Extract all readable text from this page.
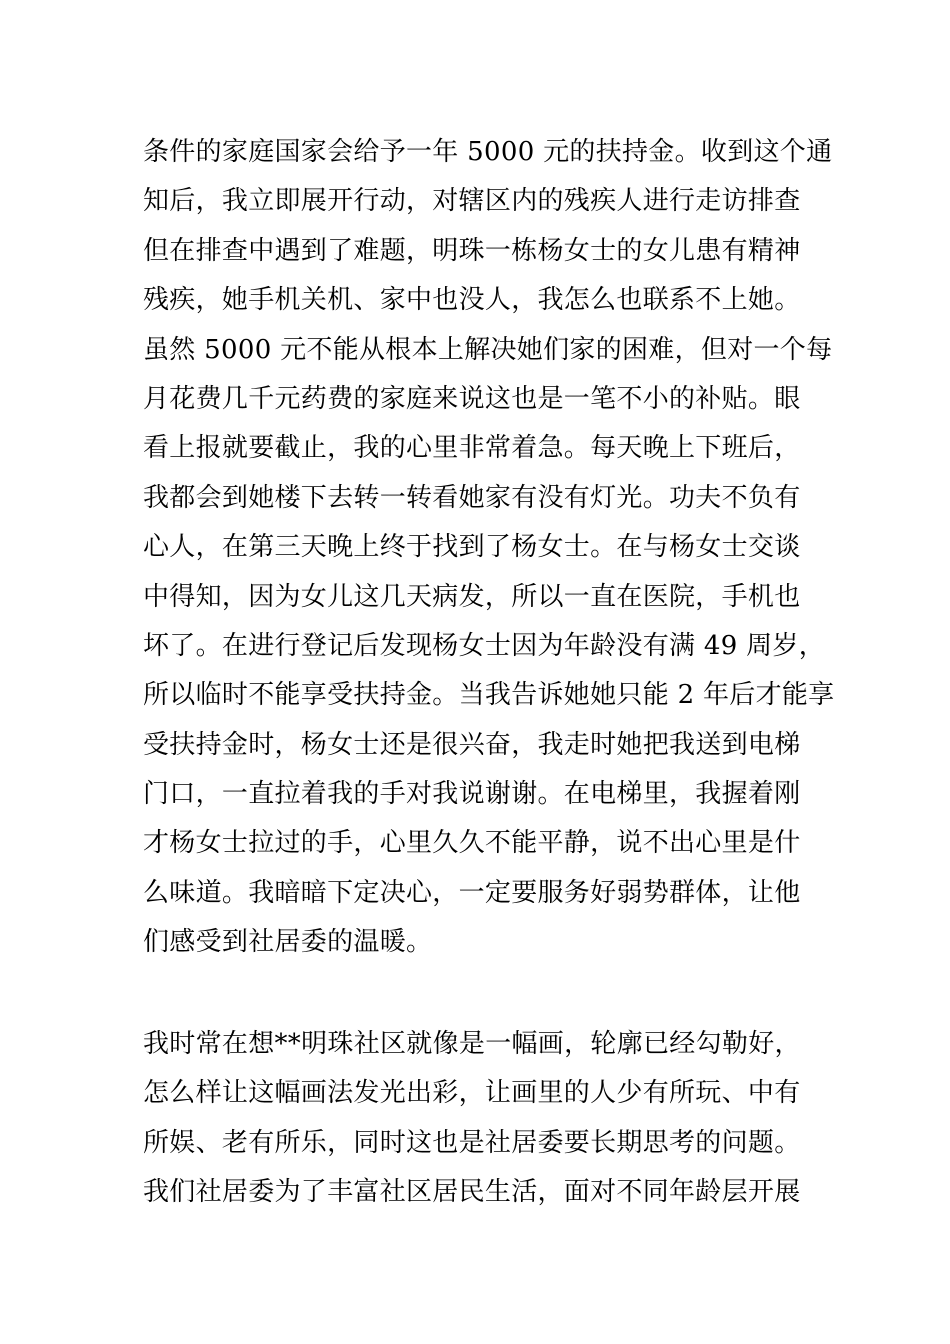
条件的家庭国家会给予一年 5000 元的扶持金。收到这个通
知后，我立即展开行动，对辖区内的残疾人进行走访排查
但在排查中遇到了难题，明珠一栋杨女士的女儿患有精神
残疾，她手机关机、家中也没人，我怎么也联系不上她。
虽然 5000 元不能从根本上解决她们家的困难，但对一个每
月花费几千元药费的家庭来说这也是一笔不小的补贴。眼
看上报就要截止，我的心里非常着急。每天晚上下班后，
我都会到她楼下去转一转看她家有没有灯光。功夫不负有
心人，在第三天晚上终于找到了杨女士。在与杨女士交谈
中得知，因为女儿这几天病发，所以一直在医院，手机也
坏了。在进行登记后发现杨女士因为年龄没有满 49 周岁，
所以临时不能享受扶持金。当我告诉她她只能 2 年后才能享
受扶持金时，杨女士还是很兴奋，我走时她把我送到电梯
门口，一直拉着我的手对我说谢谢。在电梯里，我握着刚
才杨女士拉过的手，心里久久不能平静，说不出心里是什
么味道。我暗暗下定决心，一定要服务好弱势群体，让他
们感受到社居委的温暖。
我时常在想**明珠社区就像是一幅画，轮廓已经勾勒好，
怎么样让这幅画法发光出彩，让画里的人少有所玩、中有
所娱、老有所乐，同时这也是社居委要长期思考的问题。
我们社居委为了丰富社区居民生活，面对不同年龄层开展
